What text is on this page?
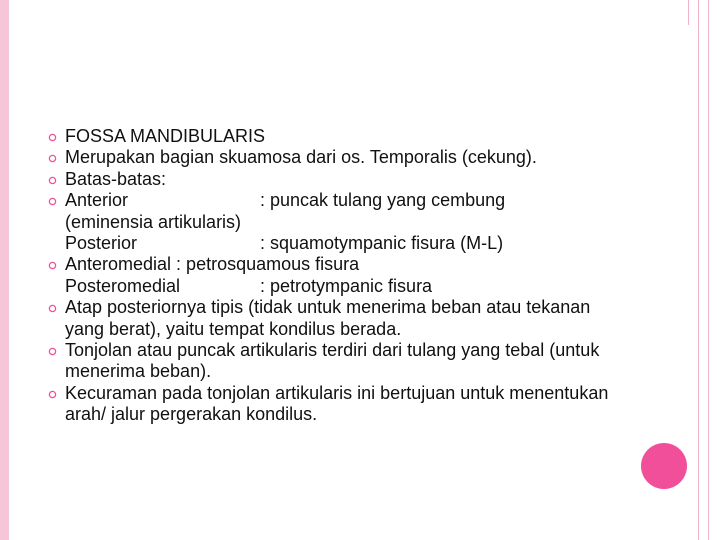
FOSSA MANDIBULARIS
Merupakan bagian skuamosa dari os. Temporalis (cekung).
Batas-batas:
Anterior	: puncak tulang yang cembung
(eminensia artikularis)
Posterior	: squamotympanic fisura (M-L)
Anteromedial : petrosquamous fisura
Posteromedial	: petrotympanic fisura
Atap posteriornya tipis (tidak untuk menerima beban atau tekanan yang berat), yaitu tempat kondilus berada.
Tonjolan atau puncak artikularis terdiri dari tulang yang tebal (untuk menerima beban).
Kecuraman pada tonjolan artikularis ini bertujuan untuk menentukan arah/ jalur pergerakan kondilus.
